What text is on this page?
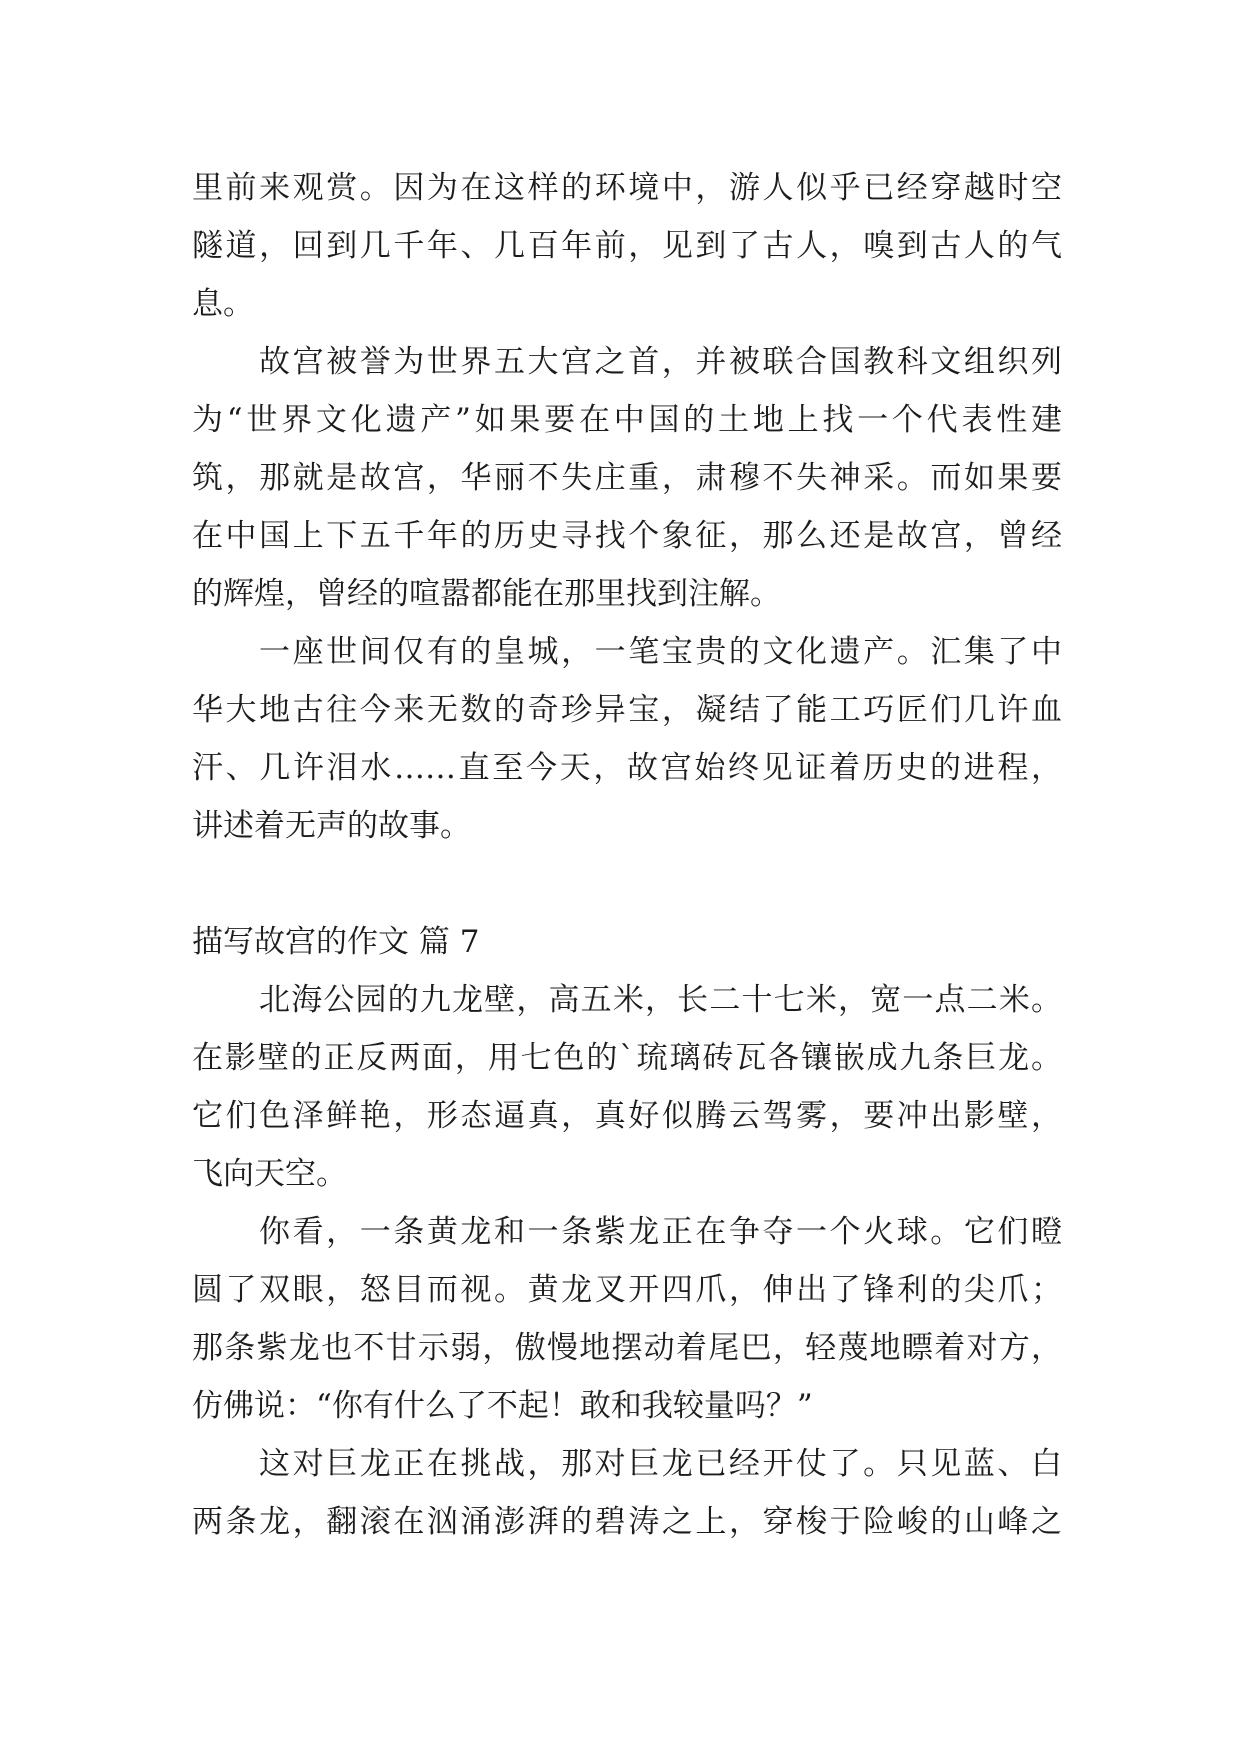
里前来观赏。因为在这样的环境中，游人似乎已经穿越时空
隧道，回到几千年、几百年前，见到了古人，嗅到古人的气
息。
故宫被誉为世界五大宫之首，并被联合国教科文组织列
为“世界文化遗产”如果要在中国的土地上找一个代表性建
筑，那就是故宫，华丽不失庄重，肃穆不失神采。而如果要
在中国上下五千年的历史寻找个象征，那么还是故宫，曾经
的辉煌，曾经的喧嚣都能在那里找到注解。
一座世间仅有的皇城，一笔宝贵的文化遗产。汇集了中
华大地古往今来无数的奇珍异宝，凝结了能工巧匠们几许血
汗、几许泪水……直至今天，故宫始终见证着历史的进程，
讲述着无声的故事。
描写故宫的作文 篇 7
北海公园的九龙壁，高五米，长二十七米，宽一点二米。
在影壁的正反两面，用七色的`琉璃砖瓦各镶嵌成九条巨龙。
它们色泽鲜艳，形态逼真，真好似腾云驾雾，要冲出影壁，
飞向天空。
你看，一条黄龙和一条紫龙正在争夺一个火球。它们瞪
圆了双眼，怒目而视。黄龙叉开四爪，伸出了锋利的尖爪；
那条紫龙也不甘示弱，傲慢地摆动着尾巴，轻蔑地瞟着对方，
仿佛说：“你有什么了不起！敢和我较量吗？”
这对巨龙正在挑战，那对巨龙已经开仗了。只见蓝、白
两条龙，翻滚在汹涌澎湃的碧涛之上，穿梭于险峻的山峰之
